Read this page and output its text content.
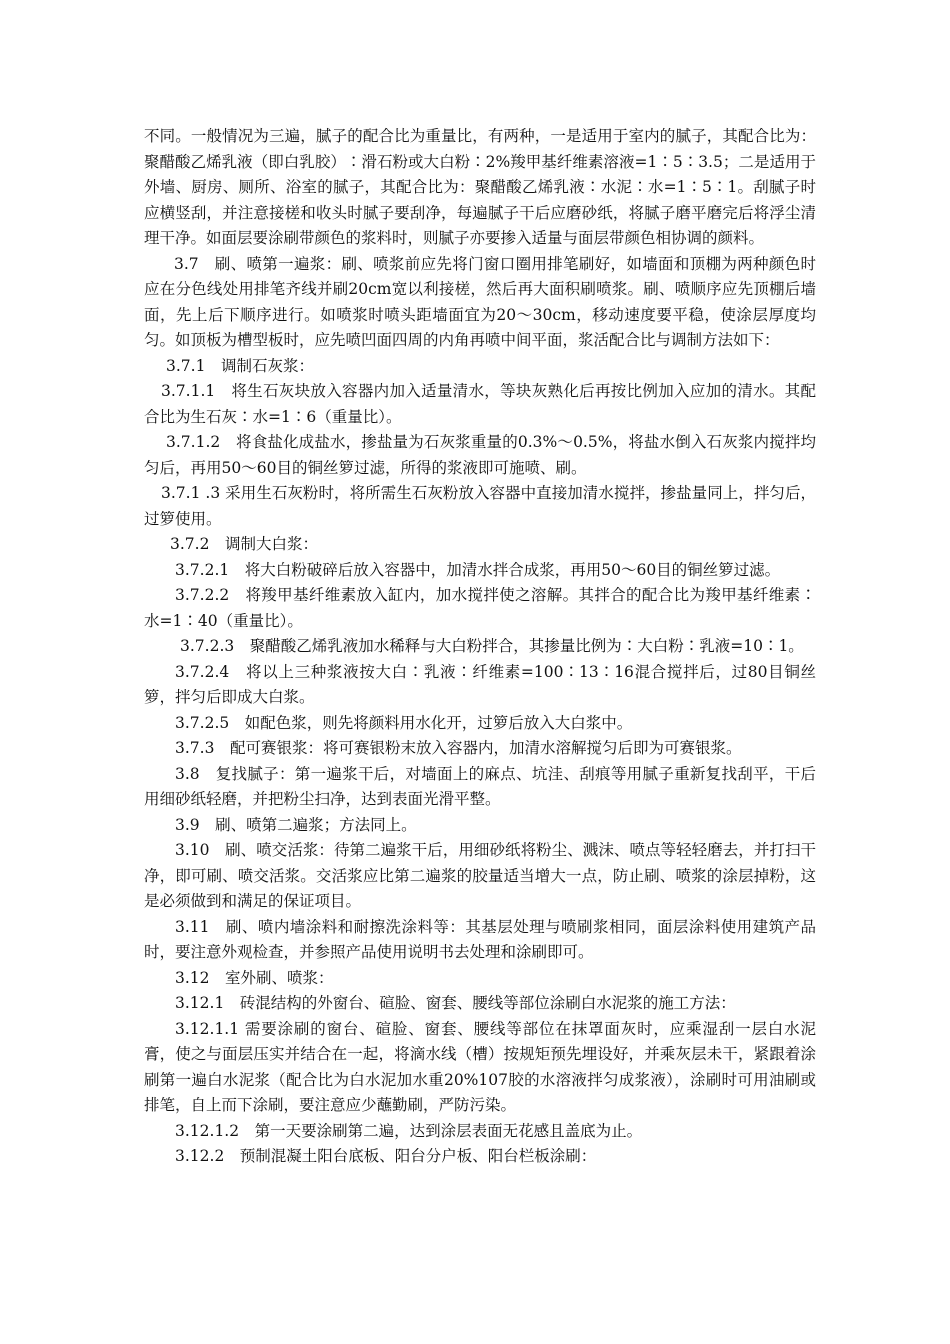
不同。一般情况为三遍，腻子的配合比为重量比，有两种，一是适用于室内的腻子，其配合比为：聚醋酸乙烯乳液（即白乳胶）∶滑石粉或大白粉∶2%羧甲基纤维素溶液=1∶5∶3.5；二是适用于外墙、厨房、厕所、浴室的腻子，其配合比为：聚醋酸乙烯乳液∶水泥∶水=1∶5∶1。刮腻子时应横竖刮，并注意接槎和收头时腻子要刮净，每遍腻子干后应磨砂纸，将腻子磨平磨完后将浮尘清理干净。如面层要涂刷带颜色的浆料时，则腻子亦要掺入适量与面层带颜色相协调的颜料。

3.7　刷、喷第一遍浆：刷、喷浆前应先将门窗口圈用排笔刷好，如墙面和顶棚为两种颜色时应在分色线处用排笔齐线并刷20cm宽以利接槎，然后再大面积刷喷浆。刷、喷顺序应先顶棚后墙面，先上后下顺序进行。如喷浆时喷头距墙面宜为20～30cm，移动速度要平稳，使涂层厚度均匀。如顶板为槽型板时，应先喷凹面四周的内角再喷中间平面，浆活配合比与调制方法如下：

3.7.1　调制石灰浆：

3.7.1.1　将生石灰块放入容器内加入适量清水，等块灰熟化后再按比例加入应加的清水。其配合比为生石灰∶水=1∶6（重量比）。

3.7.1.2　将食盐化成盐水，掺盐量为石灰浆重量的0.3%～0.5%，将盐水倒入石灰浆内搅拌均匀后，再用50～60目的铜丝箩过滤，所得的浆液即可施喷、刷。

3.7.1 .3 采用生石灰粉时，将所需生石灰粉放入容器中直接加清水搅拌，掺盐量同上，拌匀后，过箩使用。

3.7.2　调制大白浆：

3.7.2.1　将大白粉破碎后放入容器中，加清水拌合成浆，再用50～60目的铜丝箩过滤。

3.7.2.2　将羧甲基纤维素放入缸内，加水搅拌使之溶解。其拌合的配合比为羧甲基纤维素∶水=1∶40（重量比）。

3.7.2.3　聚醋酸乙烯乳液加水稀释与大白粉拌合，其掺量比例为∶大白粉∶乳液=10∶1。

3.7.2.4　将以上三种浆液按大白∶乳液∶纤维素=100∶13∶16混合搅拌后，过80目铜丝箩，拌匀后即成大白浆。

3.7.2.5　如配色浆，则先将颜料用水化开，过箩后放入大白浆中。

3.7.3　配可赛银浆：将可赛银粉末放入容器内，加清水溶解搅匀后即为可赛银浆。

3.8　复找腻子：第一遍浆干后，对墙面上的麻点、坑洼、刮痕等用腻子重新复找刮平，干后用细砂纸轻磨，并把粉尘扫净，达到表面光滑平整。

3.9　刷、喷第二遍浆；方法同上。

3.10　刷、喷交活浆：待第二遍浆干后，用细砂纸将粉尘、溅沫、喷点等轻轻磨去，并打扫干净，即可刷、喷交活浆。交活浆应比第二遍浆的胶量适当增大一点，防止刷、喷浆的涂层掉粉，这是必须做到和满足的保证项目。

3.11　刷、喷内墙涂料和耐擦洗涂料等：其基层处理与喷刷浆相同，面层涂料使用建筑产品时，要注意外观检查，并参照产品使用说明书去处理和涂刷即可。

3.12　室外刷、喷浆：

3.12.1　砖混结构的外窗台、碹脸、窗套、腰线等部位涂刷白水泥浆的施工方法：

3.12.1.1 需要涂刷的窗台、碹脸、窗套、腰线等部位在抹罩面灰时，应乘湿刮一层白水泥膏，使之与面层压实并结合在一起，将滴水线（槽）按规矩预先埋设好，并乘灰层未干，紧跟着涂刷第一遍白水泥浆（配合比为白水泥加水重20%107胶的水溶液拌匀成浆液），涂刷时可用油刷或排笔，自上而下涂刷，要注意应少蘸勤刷，严防污染。

3.12.1.2　第一天要涂刷第二遍，达到涂层表面无花感且盖底为止。

3.12.2　预制混凝土阳台底板、阳台分户板、阳台栏板涂刷：
